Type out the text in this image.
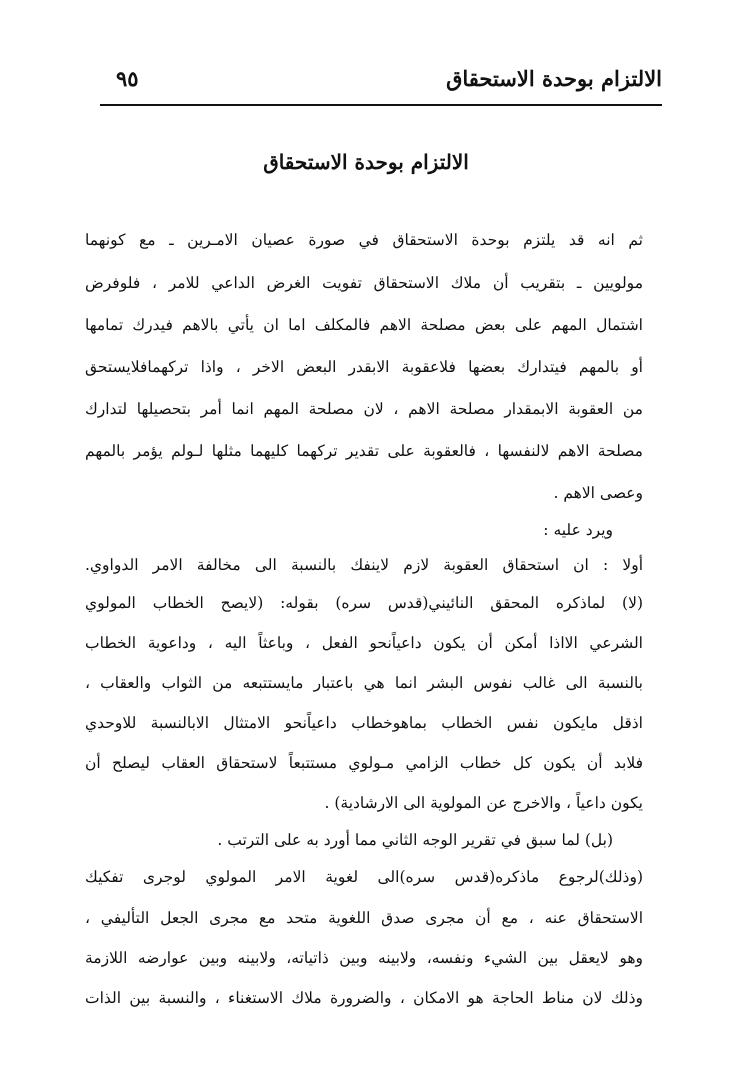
الالتزام بوحدة الاستحقاق
٩٥
الالتزام بوحدة الاستحقاق
ثم انه قد يلتزم بوحدة الاستحقاق في صورة عصيان الامـرين ـ مع كونهما
مولويين ـ بتقريب أن ملاك الاستحقاق تفويت الغرض الداعي للامر ، فلوفرض
اشتمال المهم على بعض مصلحة الاهم فالمكلف اما ان يأتي بالاهم فيدرك تمامها
أو بالمهم فيتدارك بعضها فلاعقوبة الابقدر البعض الاخر ، واذا تركهمافلايستحق
من العقوبة الابمقدار مصلحة الاهم ، لان مصلحة المهم انما أمر بتحصيلها لتدارك
مصلحة الاهم لالنفسها ، فالعقوبة على تقدير تركهما كليهما مثلها لـولم يؤمر بالمهم
وعصى الاهم .
ويرد عليه :
أولا : ان استحقاق العقوبة لازم لاينفك بالنسبة الى مخالفة الامر الدواوي.
(لا) لماذكره المحقق النائيني(قدس سره) بقوله: (لايصح الخطاب المولوي
الشرعي الااذا أمكن أن يكون داعياًنحو الفعل ، وباعثاً اليه ، وداعوية الخطاب
بالنسبة الى غالب نفوس البشر انما هي باعتبار مايستتبعه من الثواب والعقاب ،
اذقل مايكون نفس الخطاب بماهوخطاب داعياًنحو الامتثال الابالنسبة للاوحدي
فلابد أن يكون كل خطاب الزامي مـولوي مستتبعاً لاستحقاق العقاب ليصلح أن
يكون داعياً ، والاخرج عن المولوية الى الارشادية) .
(بل) لما سبق في تقرير الوجه الثاني مما أورد به على الترتب .
(وذلك)لرجوع ماذكره(قدس سره)الى لغوية الامر المولوي لوجرى تفكيك
الاستحقاق عنه ، مع أن مجرى صدق اللغوية متحد مع مجرى الجعل التأليفي ،
وهو لايعقل بين الشيء ونفسه، ولابينه وبين ذاتياته، ولابينه وبين عوارضه اللازمة
وذلك لان مناط الحاجة هو الامكان ، والضرورة ملاك الاستغناء ، والنسبة بين الذات
